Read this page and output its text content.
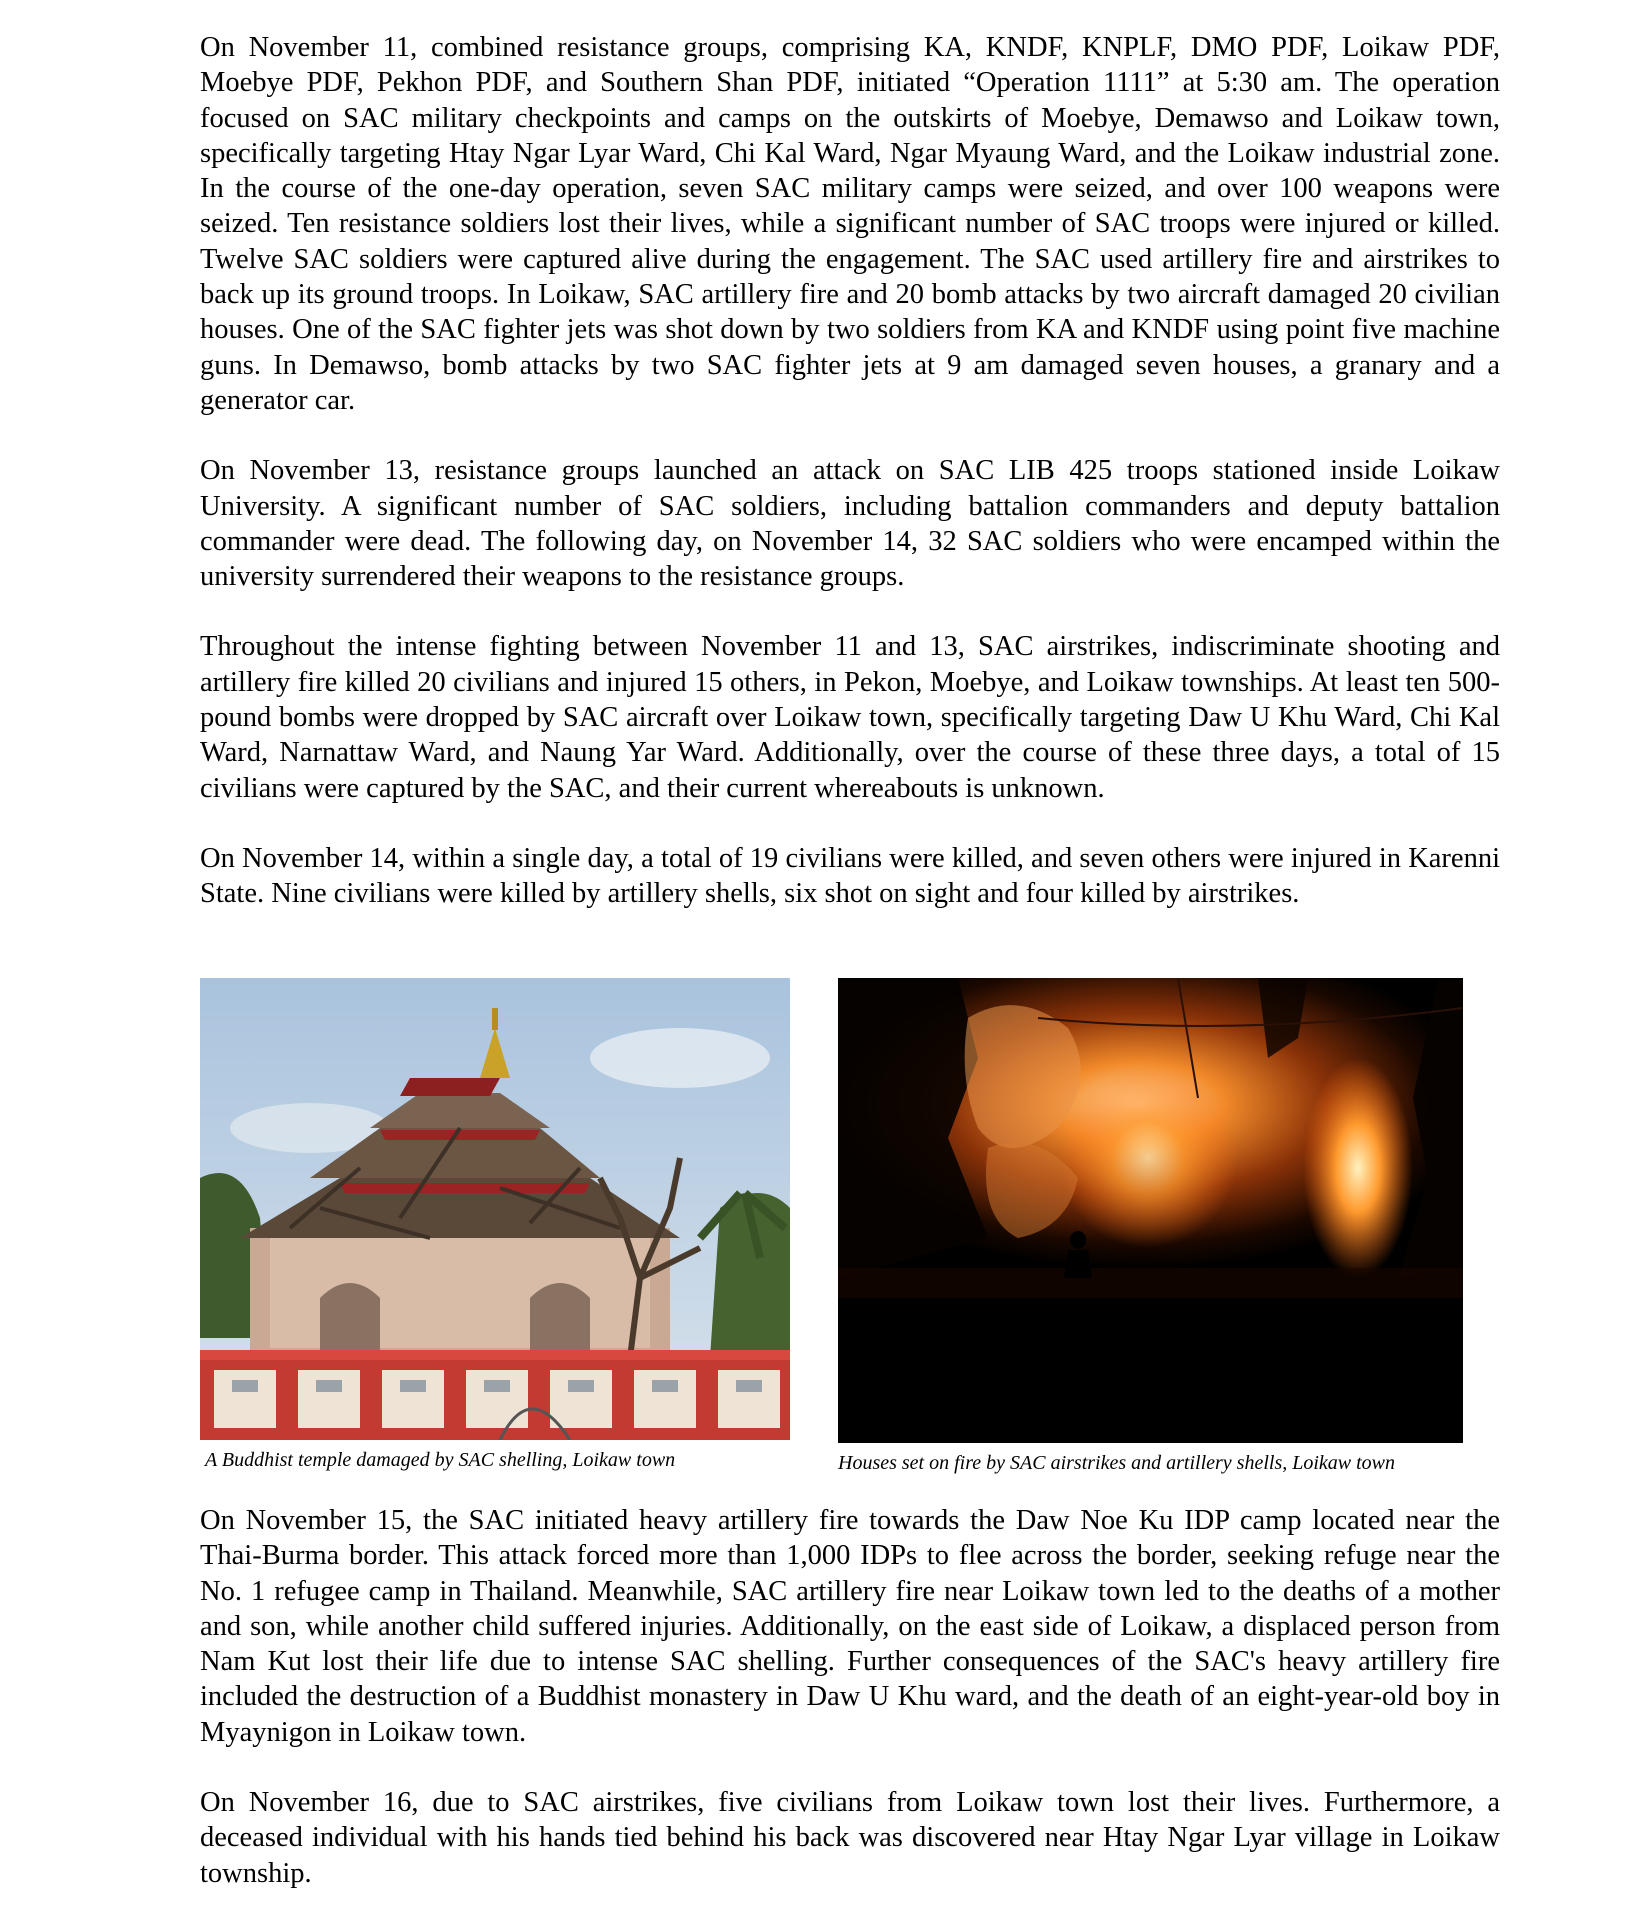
On November 11, combined resistance groups, comprising KA, KNDF, KNPLF, DMO PDF, Loikaw PDF, Moebye PDF, Pekhon PDF, and Southern Shan PDF, initiated “Operation 1111” at 5:30 am. The operation focused on SAC military checkpoints and camps on the outskirts of Moebye, Demawso and Loikaw town, specifically targeting Htay Ngar Lyar Ward, Chi Kal Ward, Ngar Myaung Ward, and the Loikaw industrial zone. In the course of the one-day operation, seven SAC military camps were seized, and over 100 weapons were seized. Ten resistance soldiers lost their lives, while a significant number of SAC troops were injured or killed. Twelve SAC soldiers were captured alive during the engagement. The SAC used artillery fire and airstrikes to back up its ground troops. In Loikaw, SAC artillery fire and 20 bomb attacks by two aircraft damaged 20 civilian houses. One of the SAC fighter jets was shot down by two soldiers from KA and KNDF using point five machine guns. In Demawso, bomb attacks by two SAC fighter jets at 9 am damaged seven houses, a granary and a generator car.

On November 13, resistance groups launched an attack on SAC LIB 425 troops stationed inside Loikaw University. A significant number of SAC soldiers, including battalion commanders and deputy battalion commander were dead. The following day, on November 14, 32 SAC soldiers who were encamped within the university surrendered their weapons to the resistance groups.

Throughout the intense fighting between November 11 and 13, SAC airstrikes, indiscriminate shooting and artillery fire killed 20 civilians and injured 15 others, in Pekon, Moebye, and Loikaw townships. At least ten 500-pound bombs were dropped by SAC aircraft over Loikaw town, specifically targeting Daw U Khu Ward, Chi Kal Ward, Narnattaw Ward, and Naung Yar Ward. Additionally, over the course of these three days, a total of 15 civilians were captured by the SAC, and their current whereabouts is unknown.

On November 14, within a single day, a total of 19 civilians were killed, and seven others were injured in Karenni State. Nine civilians were killed by artillery shells, six shot on sight and four killed by airstrikes.

A Buddhist temple damaged by SAC shelling, Loikaw town	Houses set on fire by SAC airstrikes and artillery shells, Loikaw town

On November 15, the SAC initiated heavy artillery fire towards the Daw Noe Ku IDP camp located near the Thai-Burma border. This attack forced more than 1,000 IDPs to flee across the border, seeking refuge near the No. 1 refugee camp in Thailand. Meanwhile, SAC artillery fire near Loikaw town led to the deaths of a mother and son, while another child suffered injuries. Additionally, on the east side of Loikaw, a displaced person from Nam Kut lost their life due to intense SAC shelling. Further consequences of the SAC's heavy artillery fire included the destruction of a Buddhist monastery in Daw U Khu ward, and the death of an eight-year-old boy in Myaynigon in Loikaw town.

On November 16, due to SAC airstrikes, five civilians from Loikaw town lost their lives. Furthermore, a deceased individual with his hands tied behind his back was discovered near Htay Ngar Lyar village in Loikaw township.
